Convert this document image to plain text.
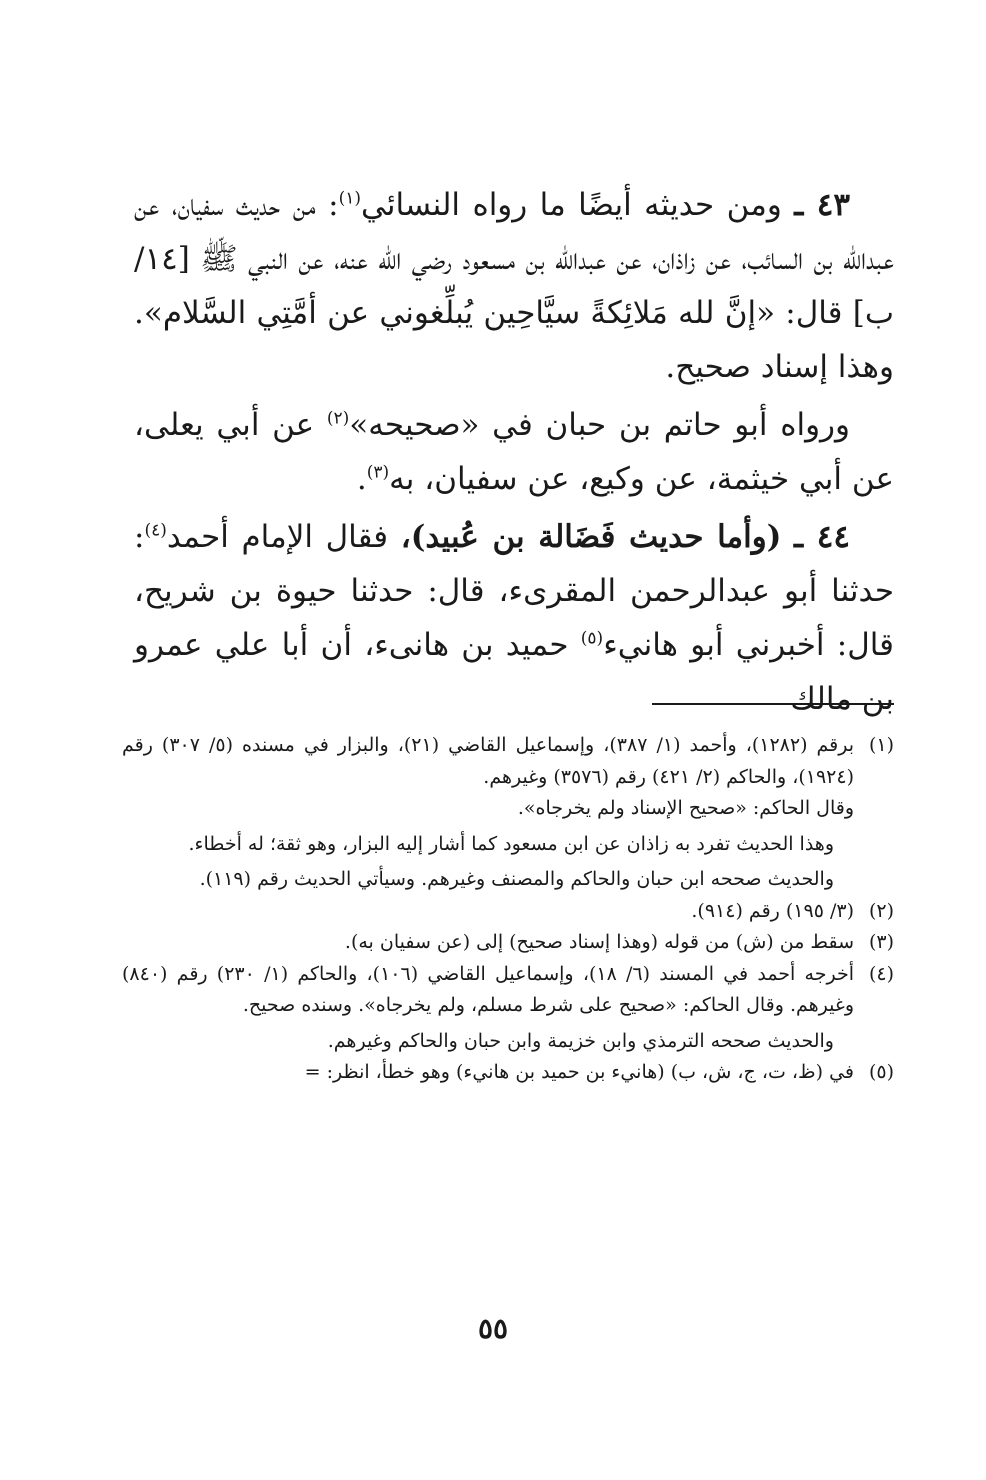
٤٣ ـ ومن حديثه أيضًا ما رواه النسائي$^{(١)}$: من حديث سفيان، عن عبدالله بن السائب، عن زاذان، عن عبدالله بن مسعود رضي الله عنه، عن النبي ﷺ [١٤/ب] قال: «إنَّ لله مَلائِكةً سيَّاحِين يُبلِّغوني عن أمَّتِي السَّلام». وهذا إسناد صحيح.

ورواه أبو حاتم بن حبان في «صحيحه»$^{(٢)}$ عن أبي يعلى، عن أبي خيثمة، عن وكيع، عن سفيان، به$^{(٣)}$.

٤٤ ـ (وأما حديث فَضَالة بن عُبيد)، فقال الإمام أحمد$^{(٤)}$: حدثنا أبو عبدالرحمن المقرىء، قال: حدثنا حيوة بن شريح، قال: أخبرني أبو هانيء$^{(٥)}$ حميد بن هانىء، أن أبا علي عمرو بن مالك

(١)

برقم (١٢٨٢)، وأحمد (١/ ٣٨٧)، وإسماعيل القاضي (٢١)، والبزار في مسنده (٥/ ٣٠٧) رقم (١٩٢٤)، والحاكم (٢/ ٤٢١) رقم (٣٥٧٦) وغيرهم.

وقال الحاكم: «صحيح الإسناد ولم يخرجاه».

وهذا الحديث تفرد به زاذان عن ابن مسعود كما أشار إليه البزار، وهو ثقة؛ له أخطاء.

والحديث صححه ابن حبان والحاكم والمصنف وغيرهم. وسيأتي الحديث رقم (١١٩).

(٢)

(٣/ ١٩٥) رقم (٩١٤).

(٣)

سقط من (ش) من قوله (وهذا إسناد صحيح) إلى (عن سفيان به).

(٤)

أخرجه أحمد في المسند (٦/ ١٨)، وإسماعيل القاضي (١٠٦)، والحاكم (١/ ٢٣٠) رقم (٨٤٠) وغيرهم. وقال الحاكم: «صحيح على شرط مسلم، ولم يخرجاه». وسنده صحيح.

والحديث صححه الترمذي وابن خزيمة وابن حبان والحاكم وغيرهم.

(٥)

في (ظ، ت، ج، ش، ب) (هانيء بن حميد بن هانيء) وهو خطأ، انظر: =

٥٥
